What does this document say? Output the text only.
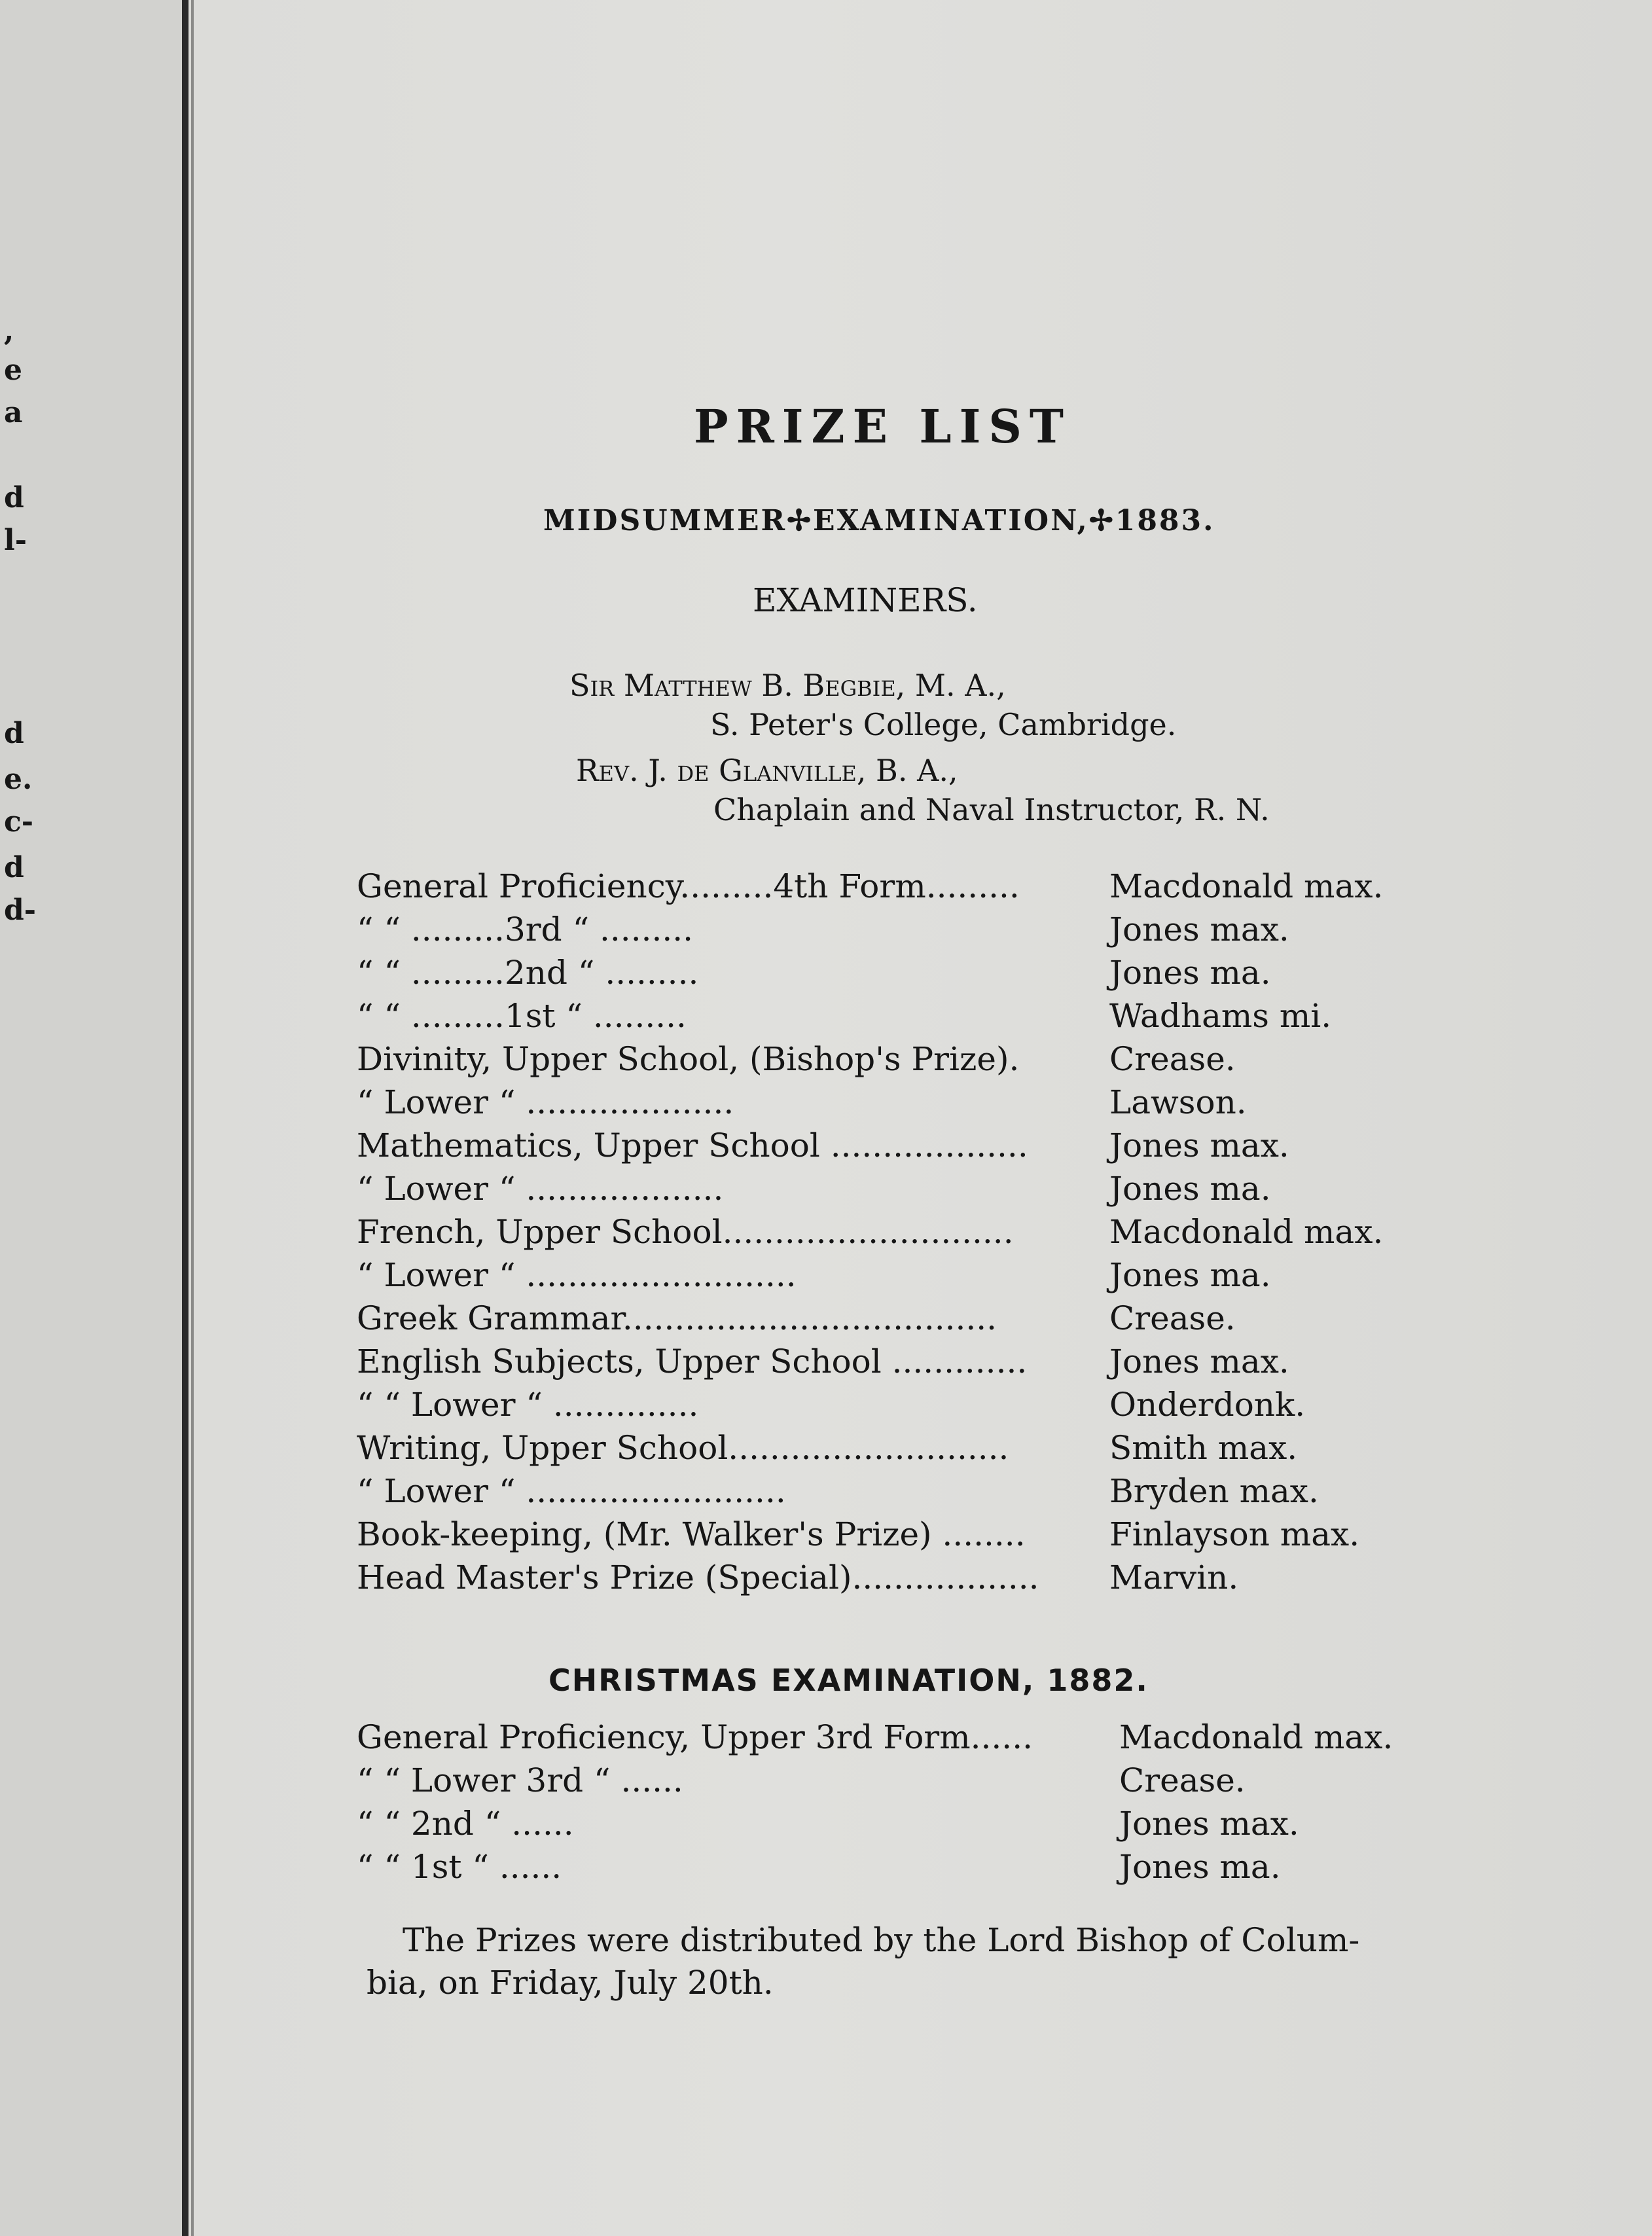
,
e
a
d
l-
d
e.
c-
d
d-
PRIZE LIST
MIDSUMMER✢EXAMINATION,✢1883.
EXAMINERS.
Sir Matthew B. Begbie, M. A.,
S. Peter's College, Cambridge.
Rev. J. de Glanville, B. A.,
Chaplain and Naval Instructor, R. N.
General Proficiency.........4th Form.........	Macdonald max.
“ “ .........3rd “ .........	Jones max.
“ “ .........2nd “ .........	Jones ma.
“ “ .........1st “ .........	Wadhams mi.
Divinity, Upper School, (Bishop's Prize).	Crease.
“ Lower “ ....................	Lawson.
Mathematics, Upper School ................... Jones max.
“ Lower “ ...................	Jones ma.
French, Upper School............................	Macdonald max.
“ Lower “ ..........................	Jones ma.
Greek Grammar....................................	Crease.
English Subjects, Upper School .............	Jones max.
“ “ Lower “ ..............	Onderdonk.
Writing, Upper School...........................	Smith max.
“ Lower “ .........................	Bryden max.
Book-keeping, (Mr. Walker's Prize) ........	Finlayson max.
Head Master's Prize (Special).................. Marvin.
CHRISTMAS EXAMINATION, 1882.
General Proficiency, Upper 3rd Form......	Macdonald max.
“ “ Lower 3rd “ ......	Crease.
“ “ 2nd “ ......	Jones max.
“ “ 1st “ ......	Jones ma.
The Prizes were distributed by the Lord Bishop of Colum-
bia, on Friday, July 20th.
